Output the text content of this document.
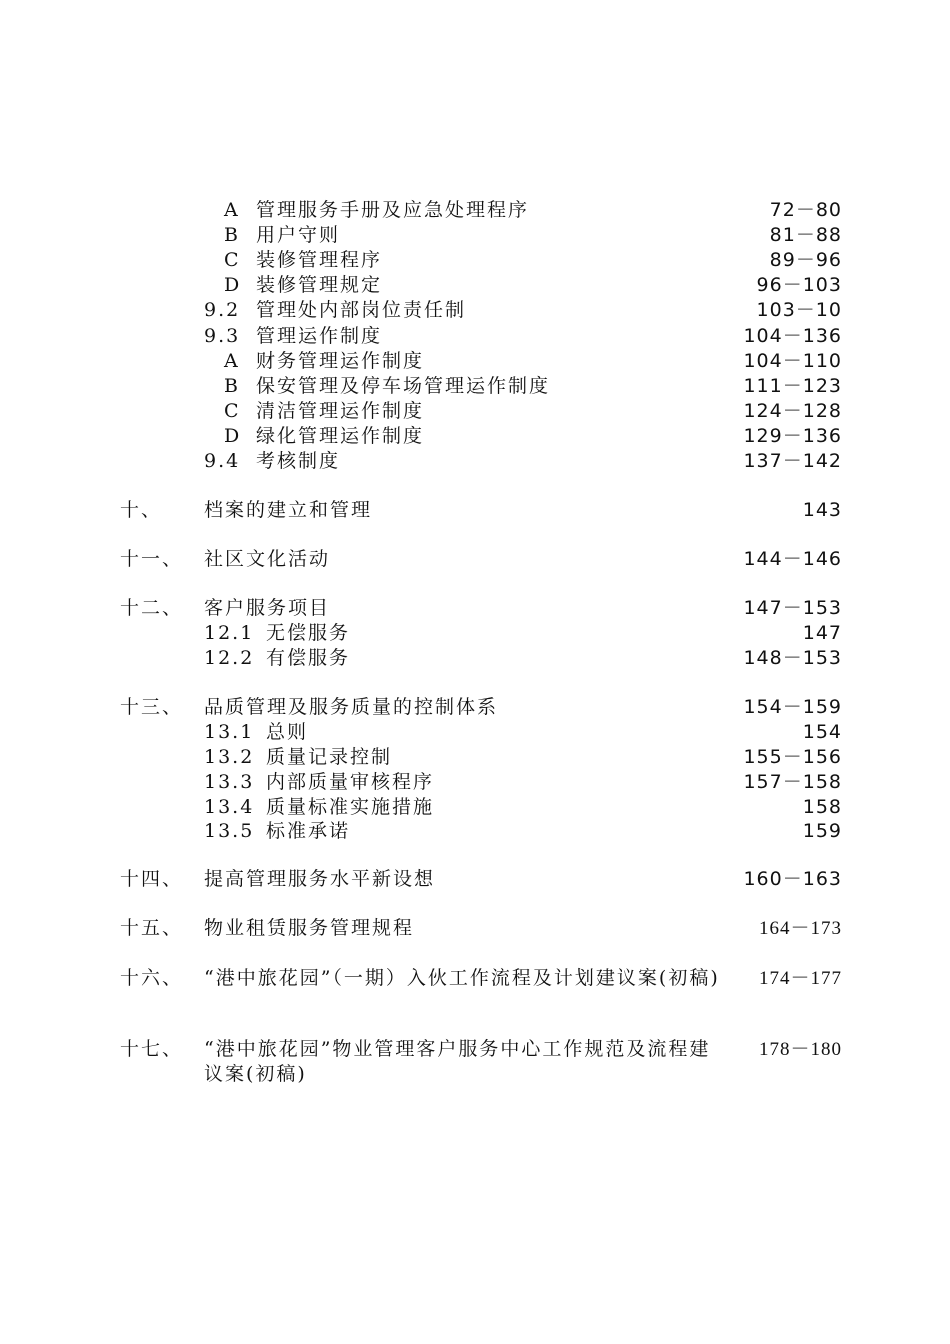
A 管理服务手册及应急处理程序	72－80
B 用户守则	81－88
C 装修管理程序	89－96
D 装修管理规定	96－103
9.2 管理处内部岗位责任制	103－10
9.3 管理运作制度	104－136
A 财务管理运作制度	104－110
B 保安管理及停车场管理运作制度	111－123
C 清洁管理运作制度	124－128
D 绿化管理运作制度	129－136
9.4 考核制度	137－142
十、 档案的建立和管理	143
十一、 社区文化活动	144－146
十二、 客户服务项目	147－153
12.1 无偿服务	147
12.2 有偿服务	148－153
十三、 品质管理及服务质量的控制体系	154－159
13.1 总则	154
13.2 质量记录控制	155－156
13.3 内部质量审核程序	157－158
13.4 质量标准实施措施	158
13.5 标准承诺	159
十四、 提高管理服务水平新设想	160－163
十五、 物业租赁服务管理规程	164－173
十六、 “港中旅花园”（一期）入伙工作流程及计划建议案(初稿) 174－177
十七、 “港中旅花园”物业管理客户服务中心工作规范及流程建议案(初稿)
178－180
